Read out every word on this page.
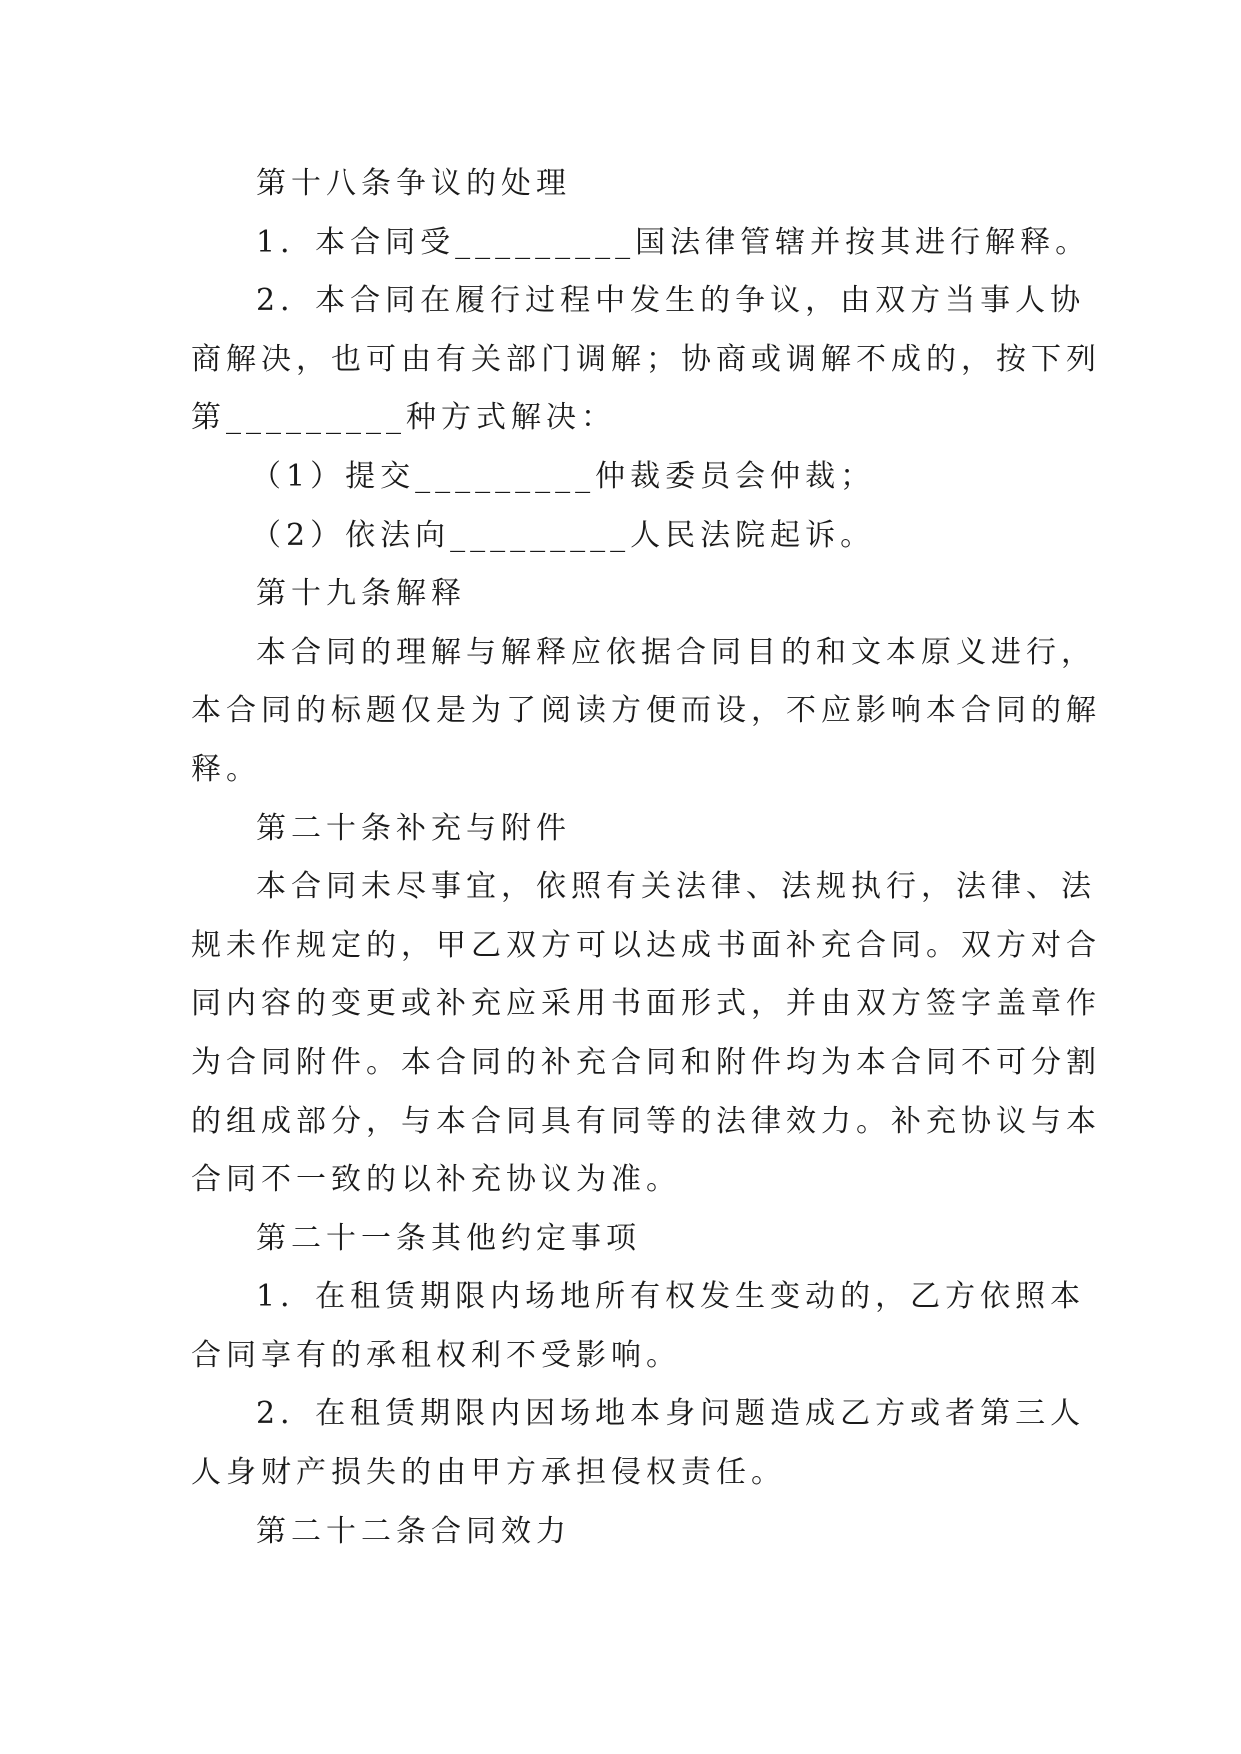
第十八条争议的处理
1．本合同受_________国法律管辖并按其进行解释。
2．本合同在履行过程中发生的争议，由双方当事人协
商解决，也可由有关部门调解；协商或调解不成的，按下列
第_________种方式解决：
（1）提交_________仲裁委员会仲裁；
（2）依法向_________人民法院起诉。
第十九条解释
本合同的理解与解释应依据合同目的和文本原义进行，
本合同的标题仅是为了阅读方便而设，不应影响本合同的解
释。
第二十条补充与附件
本合同未尽事宜，依照有关法律、法规执行，法律、法
规未作规定的，甲乙双方可以达成书面补充合同。双方对合
同内容的变更或补充应采用书面形式，并由双方签字盖章作
为合同附件。本合同的补充合同和附件均为本合同不可分割
的组成部分，与本合同具有同等的法律效力。补充协议与本
合同不一致的以补充协议为准。
第二十一条其他约定事项
1．在租赁期限内场地所有权发生变动的，乙方依照本
合同享有的承租权利不受影响。
2．在租赁期限内因场地本身问题造成乙方或者第三人
人身财产损失的由甲方承担侵权责任。
第二十二条合同效力
